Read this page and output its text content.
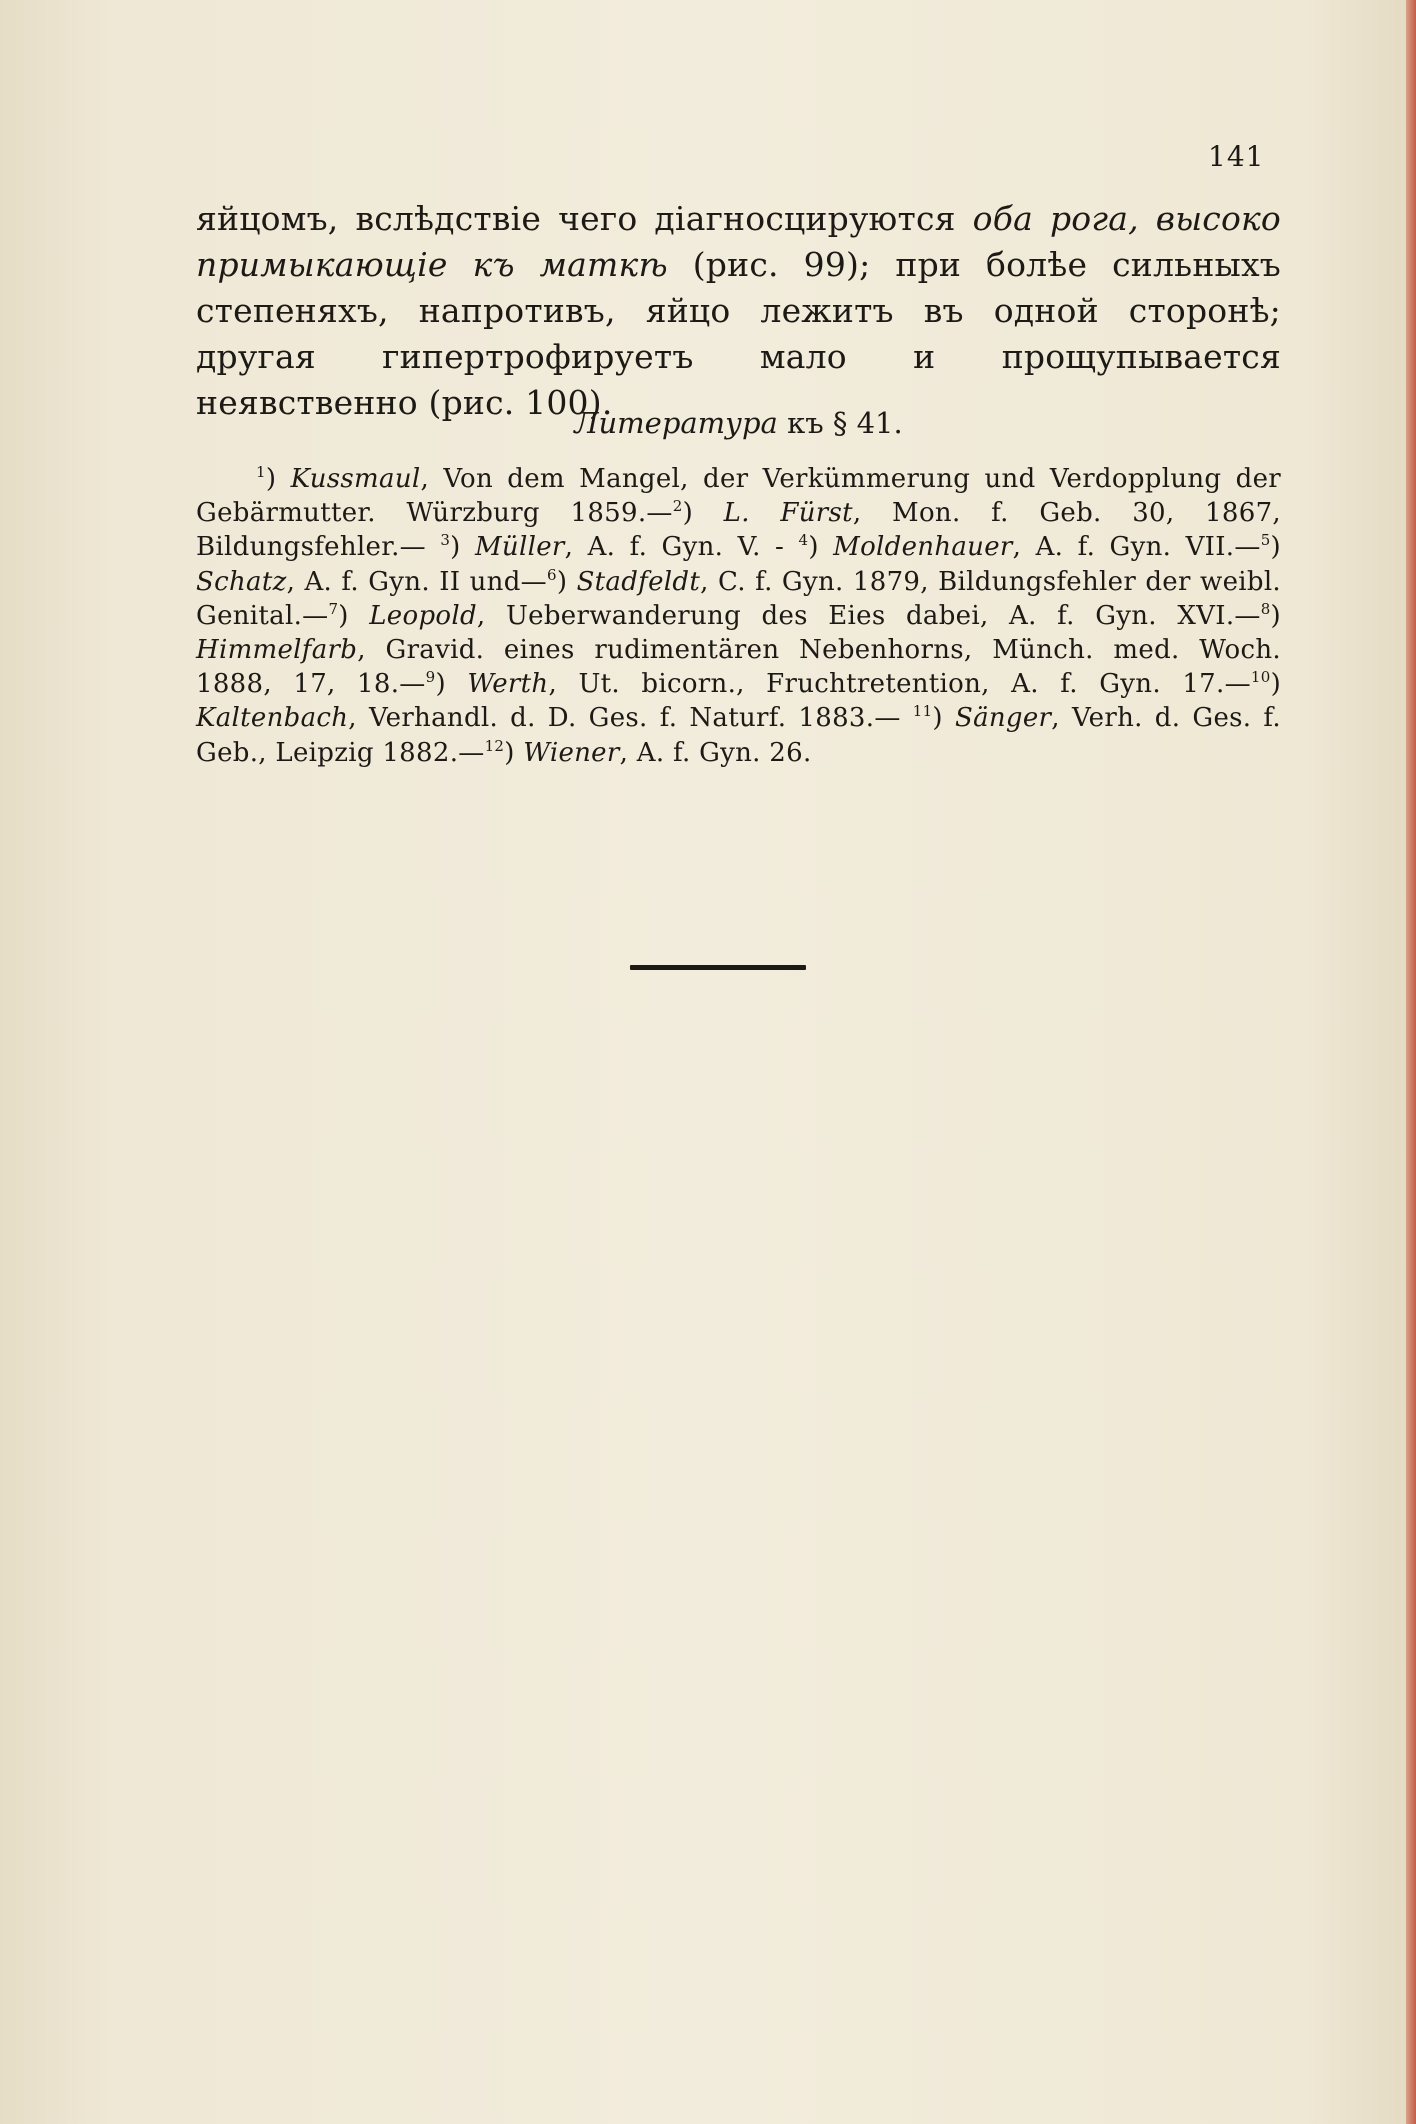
141
яйцомъ, вслѣдствіе чего діагносцируются оба рога, высоко примыкающіе къ маткѣ (рис. 99); при болѣе сильныхъ степеняхъ, напротивъ, яйцо лежитъ въ одной сторонѣ; другая гипертрофируетъ мало и прощупывается неявственно (рис. 100).
Литература къ § 41.
$^1$) Kussmaul, Von dem Mangel, der Verkümmerung und Verdopplung der Gebärmutter. Würzburg 1859.—$^2$) L. Fürst, Mon. f. Geb. 30, 1867, Bildungsfehler.— $^3$) Müller, A. f. Gyn. V. - $^4$) Moldenhauer, A. f. Gyn. VII.—$^5$) Schatz, A. f. Gyn. II und—$^6$) Stadfeldt, C. f. Gyn. 1879, Bildungsfehler der weibl. Genital.—$^7$) Leopold, Ueberwanderung des Eies dabei, A. f. Gyn. XVI.—$^8$) Himmelfarb, Gravid. eines rudimentären Nebenhorns, Münch. med. Woch. 1888, 17, 18.—$^9$) Werth, Ut. bicorn., Fruchtretention, A. f. Gyn. 17.—$^{10}$) Kaltenbach, Verhandl. d. D. Ges. f. Naturf. 1883.— $^{11}$) Sänger, Verh. d. Ges. f. Geb., Leipzig 1882.—$^{12}$) Wiener, A. f. Gyn. 26.
